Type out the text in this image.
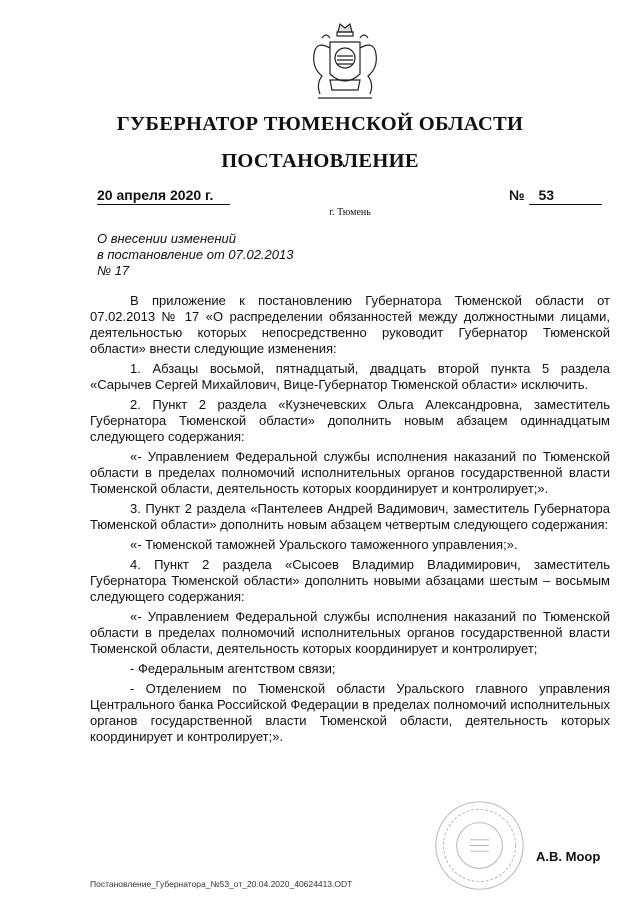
ГУБЕРНАТОР ТЮМЕНСКОЙ ОБЛАСТИ
ПОСТАНОВЛЕНИЕ
20 апреля 2020 г.	№ 53
г. Тюмень
О внесении изменений
в постановление от 07.02.2013
№ 17

В приложение к постановлению Губернатора Тюменской области от 07.02.2013 № 17 «О распределении обязанностей между должностными лицами, деятельностью которых непосредственно руководит Губернатор Тюменской области» внести следующие изменения:

1. Абзацы восьмой, пятнадцатый, двадцать второй пункта 5 раздела «Сарычев Сергей Михайлович, Вице-Губернатор Тюменской области» исключить.

2. Пункт 2 раздела «Кузнечевских Ольга Александровна, заместитель Губернатора Тюменской области» дополнить новым абзацем одиннадцатым следующего содержания:

«- Управлением Федеральной службы исполнения наказаний по Тюменской области в пределах полномочий исполнительных органов государственной власти Тюменской области, деятельность которых координирует и контролирует;».

3. Пункт 2 раздела «Пантелеев Андрей Вадимович, заместитель Губернатора Тюменской области» дополнить новым абзацем четвертым следующего содержания:

«- Тюменской таможней Уральского таможенного управления;».

4. Пункт 2 раздела «Сысоев Владимир Владимирович, заместитель Губернатора Тюменской области» дополнить новыми абзацами шестым – восьмым следующего содержания:

«- Управлением Федеральной службы исполнения наказаний по Тюменской области в пределах полномочий исполнительных органов государственной власти Тюменской области, деятельность которых координирует и контролирует;

- Федеральным агентством связи;

- Отделением по Тюменской области Уральского главного управления Центрального банка Российской Федерации в пределах полномочий исполнительных органов государственной власти Тюменской области, деятельность которых координирует и контролирует;».

А.В. Моор
Постановление_Губернатора_№53_от_20.04.2020_40624413.ODT
